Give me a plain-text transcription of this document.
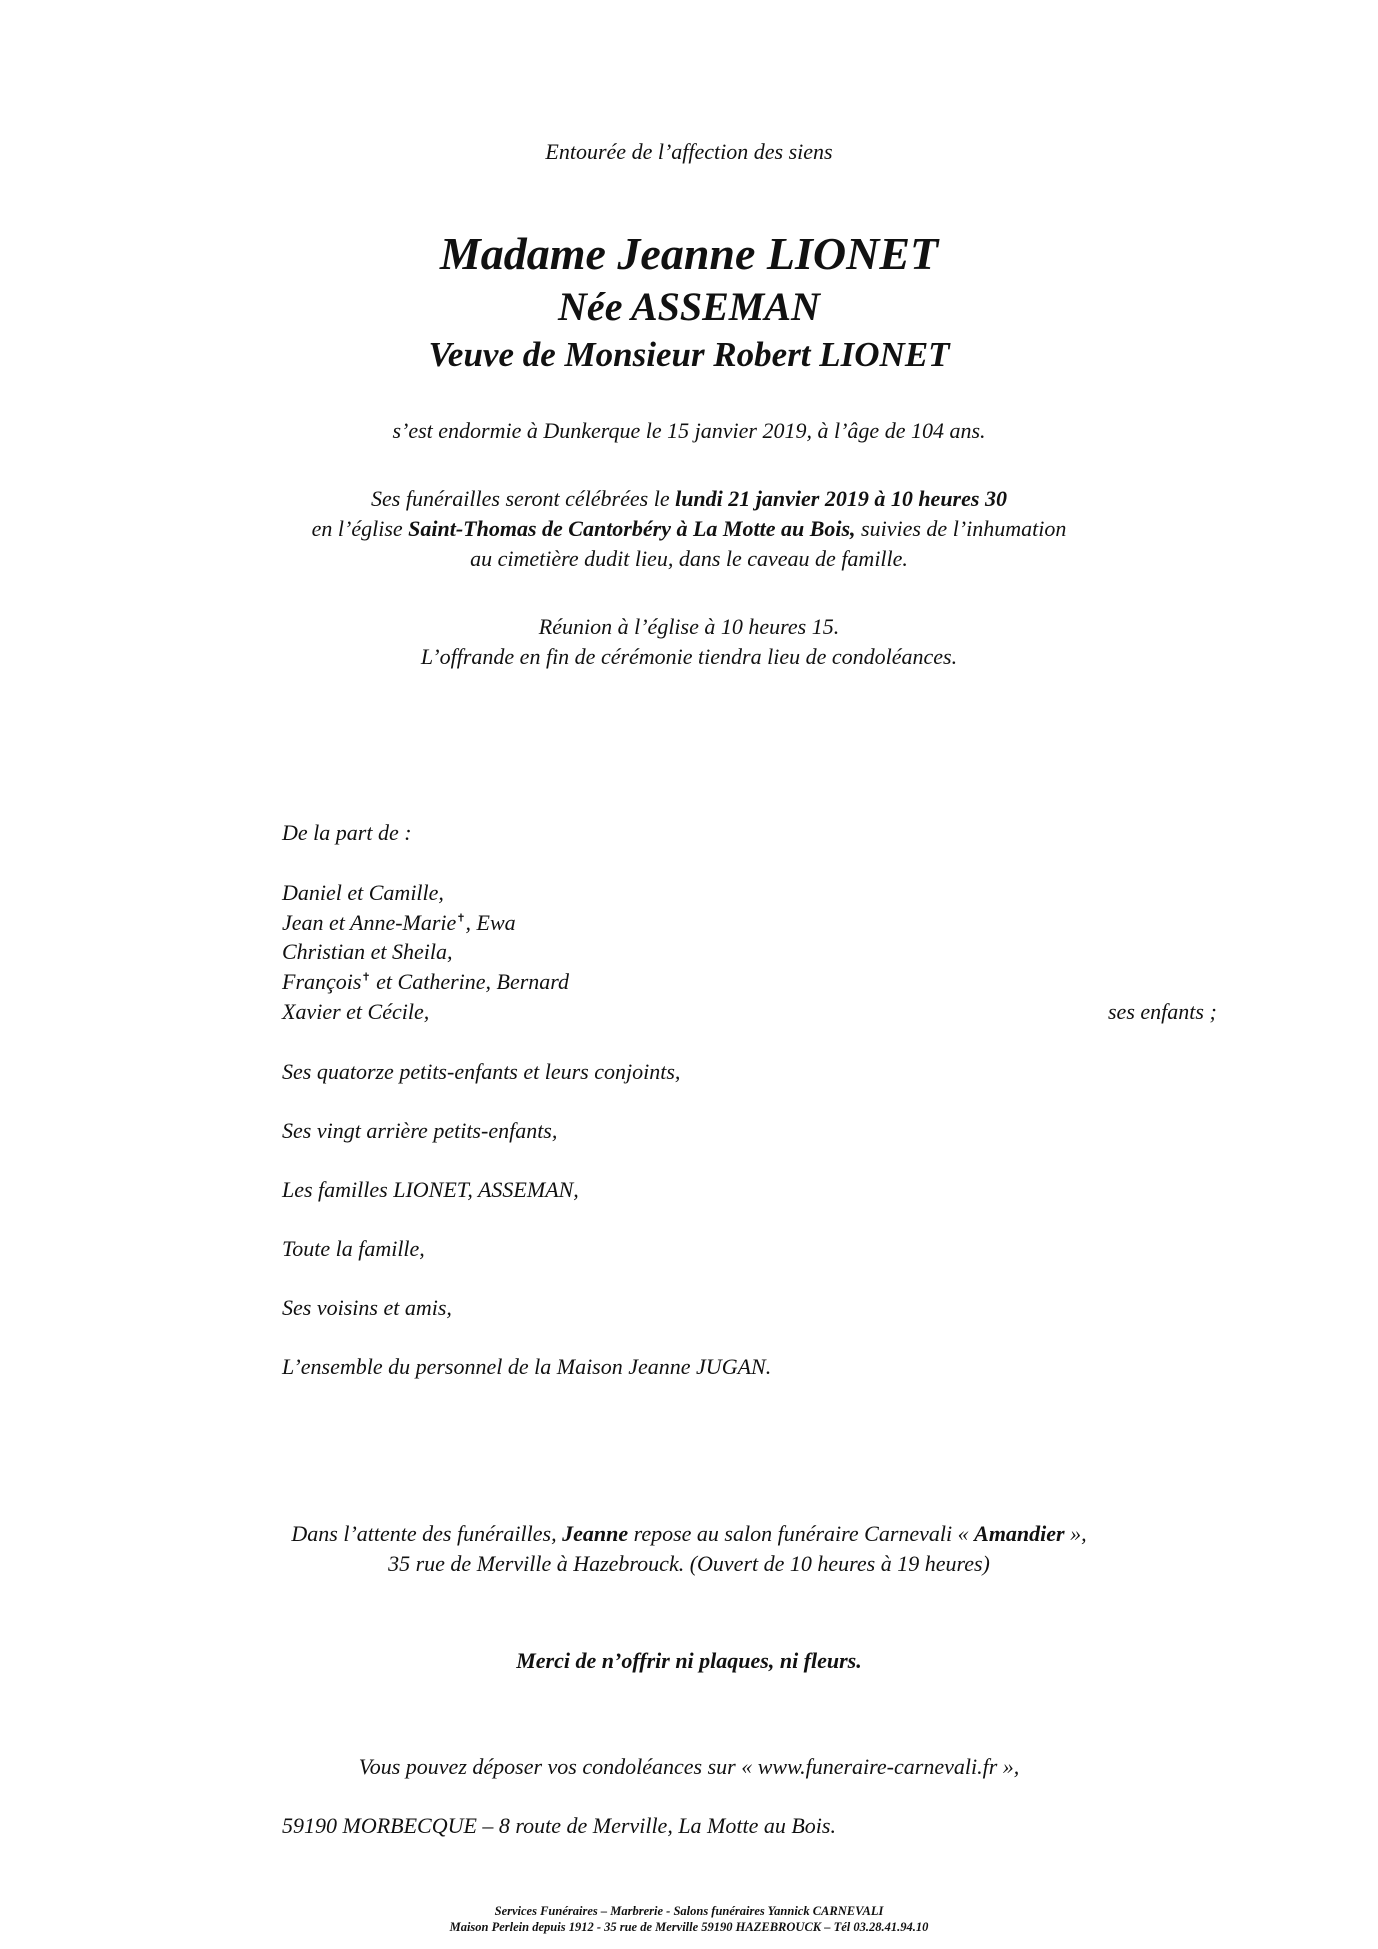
Entourée de l’affection des siens
Madame Jeanne LIONET
Née ASSEMAN
Veuve de Monsieur Robert LIONET
s’est endormie à Dunkerque le 15 janvier 2019, à l’âge de 104 ans.
Ses funérailles seront célébrées le lundi 21 janvier 2019 à 10 heures 30
en l’église Saint-Thomas de Cantorbéry à La Motte au Bois, suivies de l’inhumation
au cimetière dudit lieu, dans le caveau de famille.
Réunion à l’église à 10 heures 15.
L’offrande en fin de cérémonie tiendra lieu de condoléances.
De la part de :
Daniel et Camille,
Jean et Anne-Marie✝, Ewa
Christian et Sheila,
François✝ et Catherine, Bernard
Xavier et Cécile,	ses enfants ;
Ses quatorze petits-enfants et leurs conjoints,
Ses vingt arrière petits-enfants,
Les familles LIONET, ASSEMAN,
Toute la famille,
Ses voisins et amis,
L’ensemble du personnel de la Maison Jeanne JUGAN.
Dans l’attente des funérailles, Jeanne repose au salon funéraire Carnevali « Amandier »,
35 rue de Merville à Hazebrouck. (Ouvert de 10 heures à 19 heures)
Merci de n’offrir ni plaques, ni fleurs.
Vous pouvez déposer vos condoléances sur « www.funeraire-carnevali.fr »,
59190 MORBECQUE – 8 route de Merville, La Motte au Bois.
Services Funéraires – Marbrerie - Salons funéraires Yannick CARNEVALI
Maison Perlein depuis 1912 - 35 rue de Merville 59190 HAZEBROUCK – Tél 03.28.41.94.10
